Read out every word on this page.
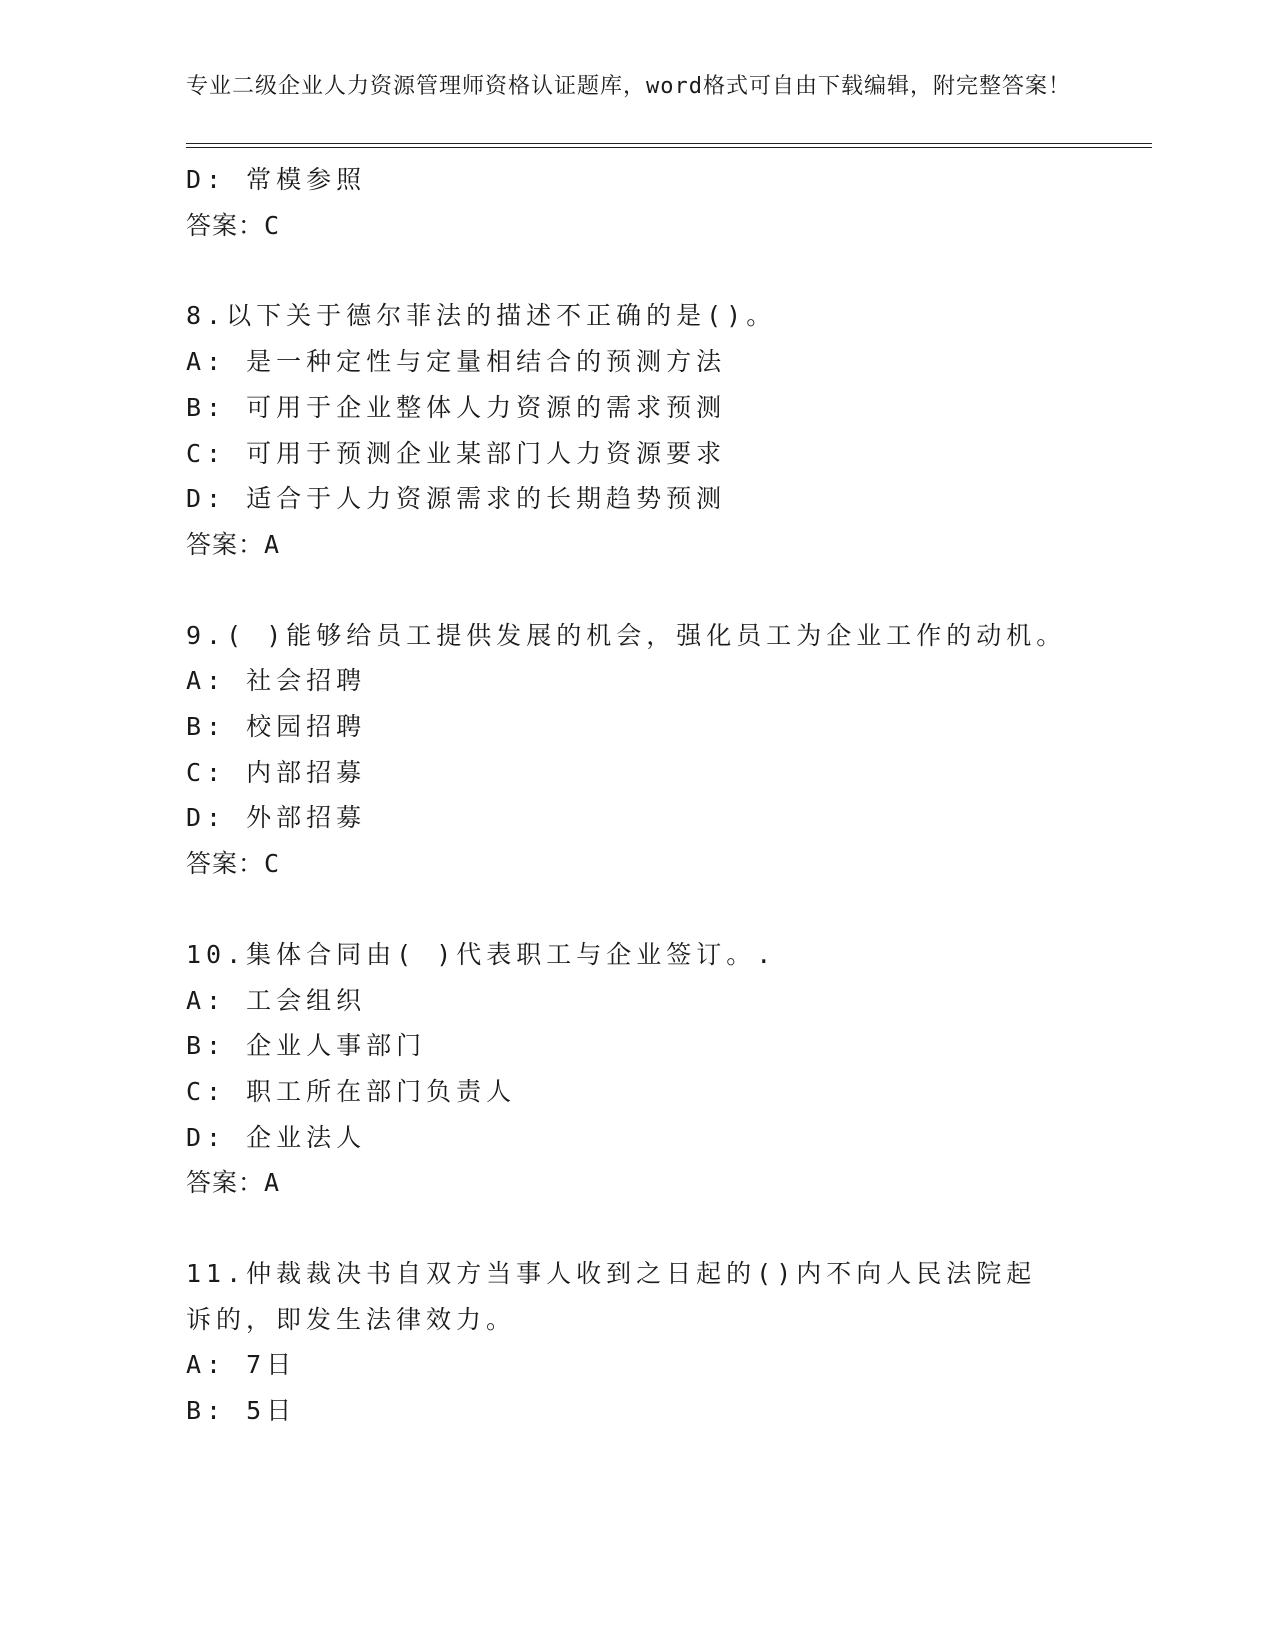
专业二级企业人力资源管理师资格认证题库，word格式可自由下载编辑，附完整答案！
D: 常模参照
答案：C
8.以下关于德尔菲法的描述不正确的是()。
A: 是一种定性与定量相结合的预测方法
B: 可用于企业整体人力资源的需求预测
C: 可用于预测企业某部门人力资源要求
D: 适合于人力资源需求的长期趋势预测
答案：A
9.( )能够给员工提供发展的机会，强化员工为企业工作的动机。
A: 社会招聘
B: 校园招聘
C: 内部招募
D: 外部招募
答案：C
10.集体合同由( )代表职工与企业签订。.
A: 工会组织
B: 企业人事部门
C: 职工所在部门负责人
D: 企业法人
答案：A
11.仲裁裁决书自双方当事人收到之日起的()内不向人民法院起诉的，即发生法律效力。
A: 7日
B: 5日
